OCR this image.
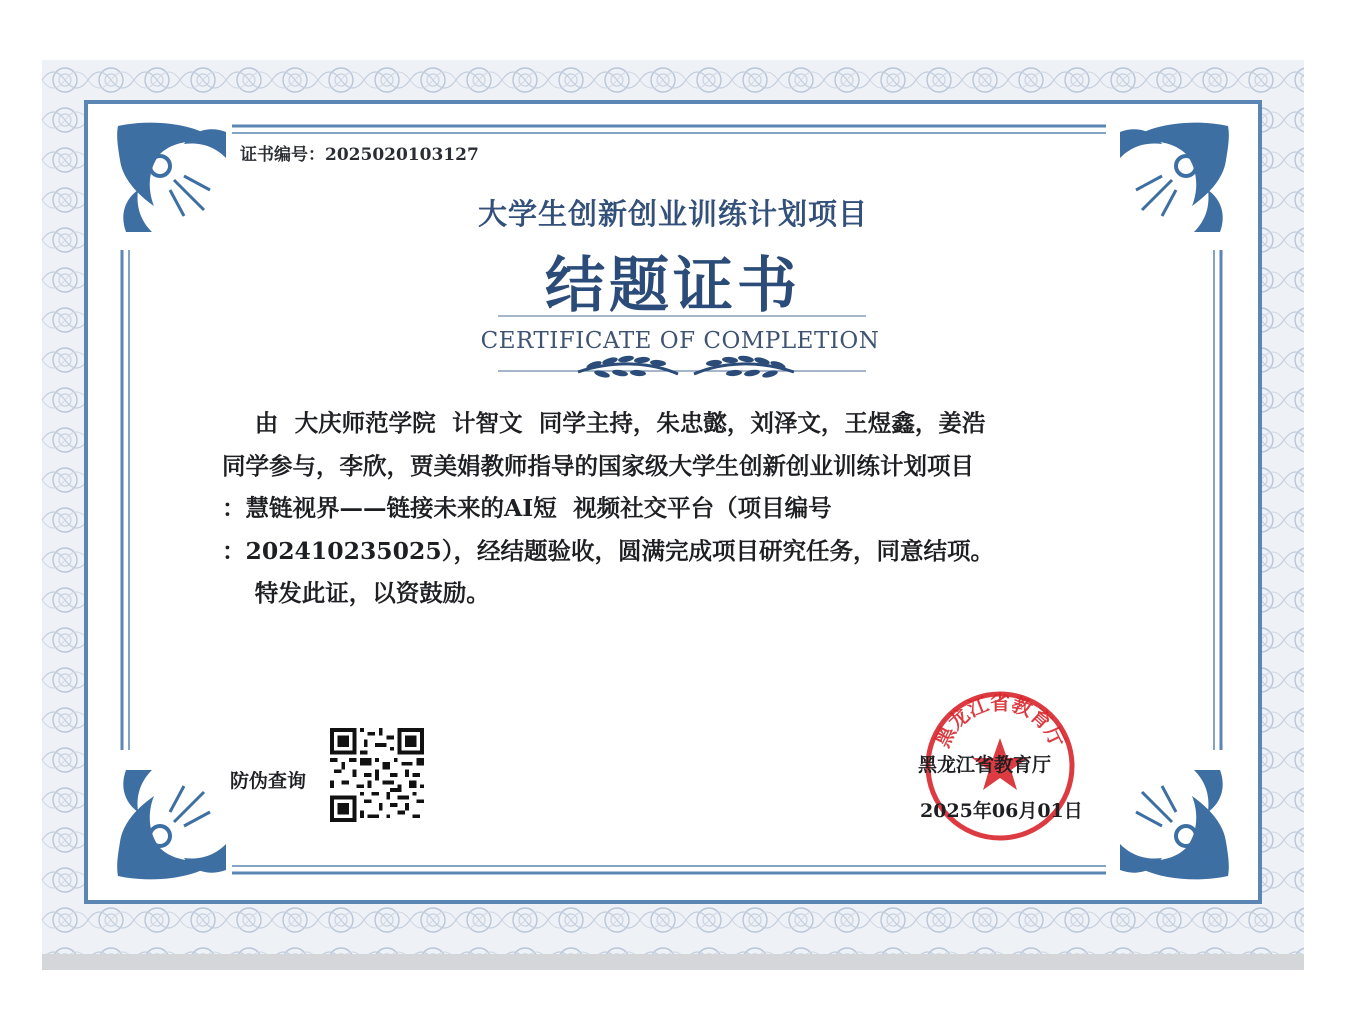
证书编号：2025020103127
大学生创新创业训练计划项目
结题证书
CERTIFICATE OF COMPLETION
由  大庆师范学院  计智文  同学主持，朱忠懿，刘泽文，王煜鑫，姜浩
同学参与，李欣，贾美娟教师指导的国家级大学生创新创业训练计划项目
：慧链视界——链接未来的AI短  视频社交平台（项目编号
：202410235025），经结题验收，圆满完成项目研究任务，同意结项。
特发此证，以资鼓励。
防伪查询
黑龙江省教育厅
黑龙江省教育厅
2025年06月01日
